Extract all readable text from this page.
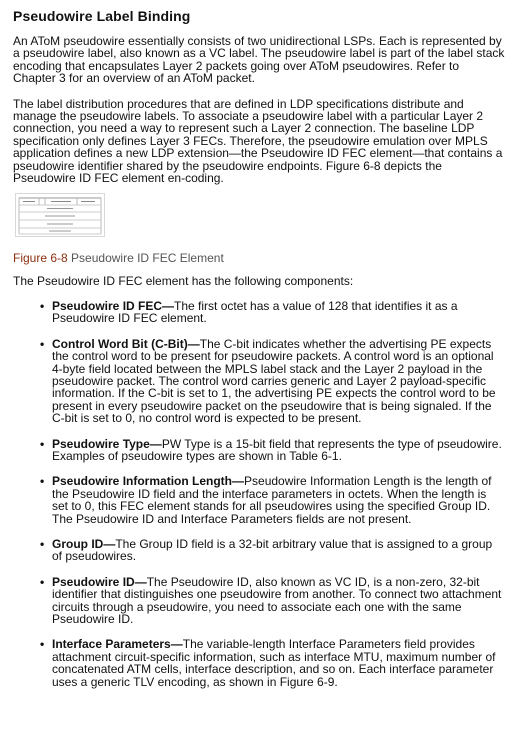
Pseudowire Label Binding

An AToM pseudowire essentially consists of two unidirectional LSPs. Each is represented by a pseudowire label, also known as a VC label. The pseudowire label is part of the label stack encoding that encapsulates Layer 2 packets going over AToM pseudowires. Refer to Chapter 3 for an overview of an AToM packet.

The label distribution procedures that are defined in LDP specifications distribute and manage the pseudowire labels. To associate a pseudowire label with a particular Layer 2 connection, you need a way to represent such a Layer 2 connection. The baseline LDP specification only defines Layer 3 FECs. Therefore, the pseudowire emulation over MPLS application defines a new LDP extension—the Pseudowire ID FEC element—that contains a pseudowire identifier shared by the pseudowire endpoints. Figure 6-8 depicts the Pseudowire ID FEC element en-coding.

Figure 6-8 Pseudowire ID FEC Element

The Pseudowire ID FEC element has the following components:

• Pseudowire ID FEC—The first octet has a value of 128 that identifies it as a Pseudowire ID FEC element.
• Control Word Bit (C-Bit)—The C-bit indicates whether the advertising PE expects the control word to be present for pseudowire packets. A control word is an optional 4-byte field located between the MPLS label stack and the Layer 2 payload in the pseudowire packet. The control word carries generic and Layer 2 payload-specific information. If the C-bit is set to 1, the advertising PE expects the control word to be present in every pseudowire packet on the pseudowire that is being signaled. If the C-bit is set to 0, no control word is expected to be present.
• Pseudowire Type—PW Type is a 15-bit field that represents the type of pseudowire. Examples of pseudowire types are shown in Table 6-1.
• Pseudowire Information Length—Pseudowire Information Length is the length of the Pseudowire ID field and the interface parameters in octets. When the length is set to 0, this FEC element stands for all pseudowires using the specified Group ID. The Pseudowire ID and Interface Parameters fields are not present.
• Group ID—The Group ID field is a 32-bit arbitrary value that is assigned to a group of pseudowires.
• Pseudowire ID—The Pseudowire ID, also known as VC ID, is a non-zero, 32-bit identifier that distinguishes one pseudowire from another. To connect two attachment circuits through a pseudowire, you need to associate each one with the same Pseudowire ID.
• Interface Parameters—The variable-length Interface Parameters field provides attachment circuit-specific information, such as interface MTU, maximum number of concatenated ATM cells, interface description, and so on. Each interface parameter uses a generic TLV encoding, as shown in Figure 6-9.
